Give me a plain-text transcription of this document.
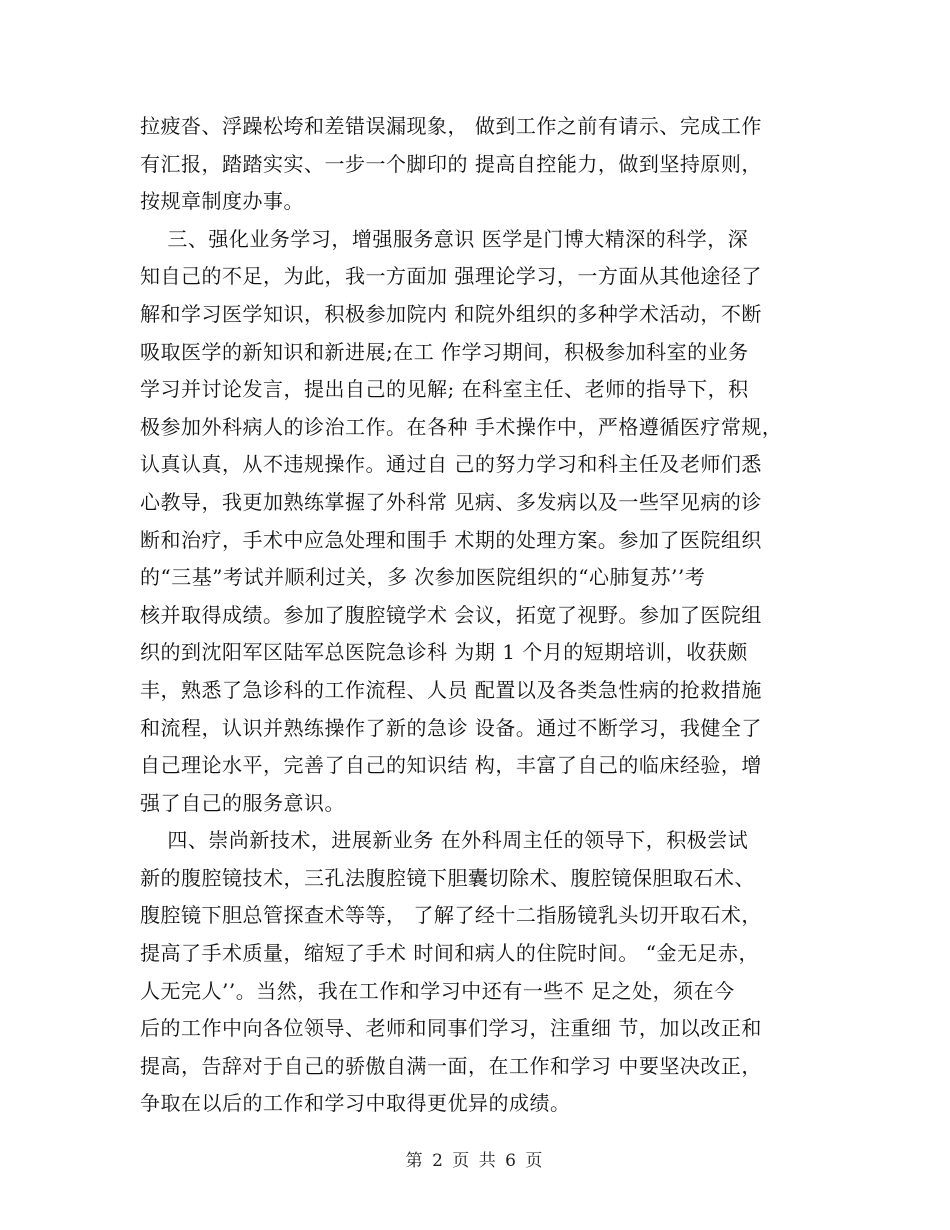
拉疲沓、浮躁松垮和差错误漏现象， 做到工作之前有请示、完成工作
有汇报，踏踏实实、一步一个脚印的 提高自控能力，做到坚持原则，
按规章制度办事。
三、强化业务学习，增强服务意识 医学是门博大精深的科学，深
知自己的不足，为此，我一方面加 强理论学习，一方面从其他途径了
解和学习医学知识，积极参加院内 和院外组织的多种学术活动，不断
吸取医学的新知识和新进展;在工 作学习期间，积极参加科室的业务
学习并讨论发言，提出自己的见解; 在科室主任、老师的指导下，积
极参加外科病人的诊治工作。在各种 手术操作中，严格遵循医疗常规，
认真认真，从不违规操作。通过自 己的努力学习和科主任及老师们悉
心教导，我更加熟练掌握了外科常 见病、多发病以及一些罕见病的诊
断和治疗，手术中应急处理和围手 术期的处理方案。参加了医院组织
的“三基”考试并顺利过关，多 次参加医院组织的“心肺复苏’’考
核并取得成绩。参加了腹腔镜学术 会议，拓宽了视野。参加了医院组
织的到沈阳军区陆军总医院急诊科 为期 1 个月的短期培训，收获颇
丰，熟悉了急诊科的工作流程、人员 配置以及各类急性病的抢救措施
和流程，认识并熟练操作了新的急诊 设备。通过不断学习，我健全了
自己理论水平，完善了自己的知识结 构，丰富了自己的临床经验，增
强了自己的服务意识。
四、崇尚新技术，进展新业务 在外科周主任的领导下，积极尝试
新的腹腔镜技术，三孔法腹腔镜下胆囊切除术、腹腔镜保胆取石术、
腹腔镜下胆总管探查术等等， 了解了经十二指肠镜乳头切开取石术，
提高了手术质量，缩短了手术 时间和病人的住院时间。 “金无足赤，
人无完人’’。当然，我在工作和学习中还有一些不 足之处，须在今
后的工作中向各位领导、老师和同事们学习，注重细 节，加以改正和
提高，告辞对于自己的骄傲自满一面，在工作和学习 中要坚决改正，
争取在以后的工作和学习中取得更优异的成绩。
第 2 页 共 6 页
